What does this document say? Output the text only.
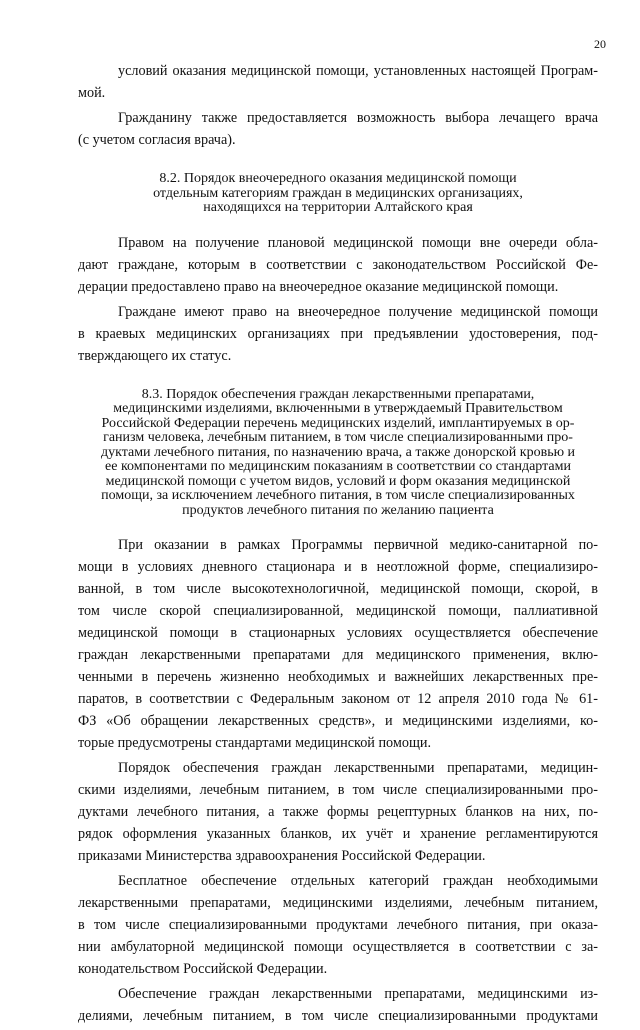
20
условий оказания медицинской помощи, установленных настоящей Програм-
мой.
Гражданину также предоставляется возможность выбора лечащего врача
(с учетом согласия врача).
8.2. Порядок внеочередного оказания медицинской помощи
отдельным категориям граждан в медицинских организациях,
находящихся на территории Алтайского края
Правом на получение плановой медицинской помощи вне очереди обла-
дают граждане, которым в соответствии с законодательством Российской Фе-
дерации предоставлено право на внеочередное оказание медицинской помощи.
Граждане имеют право на внеочередное получение медицинской помощи
в краевых медицинских организациях при предъявлении удостоверения, под-
тверждающего их статус.
8.3. Порядок обеспечения граждан лекарственными препаратами,
медицинскими изделиями, включенными в утверждаемый Правительством
Российской Федерации перечень медицинских изделий, имплантируемых в ор-
ганизм человека, лечебным питанием, в том числе специализированными про-
дуктами лечебного питания, по назначению врача, а также донорской кровью и
ее компонентами по медицинским показаниям в соответствии со стандартами
медицинской помощи с учетом видов, условий и форм оказания медицинской
помощи, за исключением лечебного питания, в том числе специализированных
продуктов лечебного питания по желанию пациента
При оказании в рамках Программы первичной медико-санитарной по-
мощи в условиях дневного стационара и в неотложной форме, специализиро-
ванной, в том числе высокотехнологичной, медицинской помощи, скорой, в
том числе скорой специализированной, медицинской помощи, паллиативной
медицинской помощи в стационарных условиях осуществляется обеспечение
граждан лекарственными препаратами для медицинского применения, вклю-
ченными в перечень жизненно необходимых и важнейших лекарственных пре-
паратов, в соответствии с Федеральным законом от 12 апреля 2010 года № 61-
ФЗ «Об обращении лекарственных средств», и медицинскими изделиями, ко-
торые предусмотрены стандартами медицинской помощи.
Порядок обеспечения граждан лекарственными препаратами, медицин-
скими изделиями, лечебным питанием, в том числе специализированными про-
дуктами лечебного питания, а также формы рецептурных бланков на них, по-
рядок оформления указанных бланков, их учёт и хранение регламентируются
приказами Министерства здравоохранения Российской Федерации.
Бесплатное обеспечение отдельных категорий граждан необходимыми
лекарственными препаратами, медицинскими изделиями, лечебным питанием,
в том числе специализированными продуктами лечебного питания, при оказа-
нии амбулаторной медицинской помощи осуществляется в соответствии с за-
конодательством Российской Федерации.
Обеспечение граждан лекарственными препаратами, медицинскими из-
делиями, лечебным питанием, в том числе специализированными продуктами
